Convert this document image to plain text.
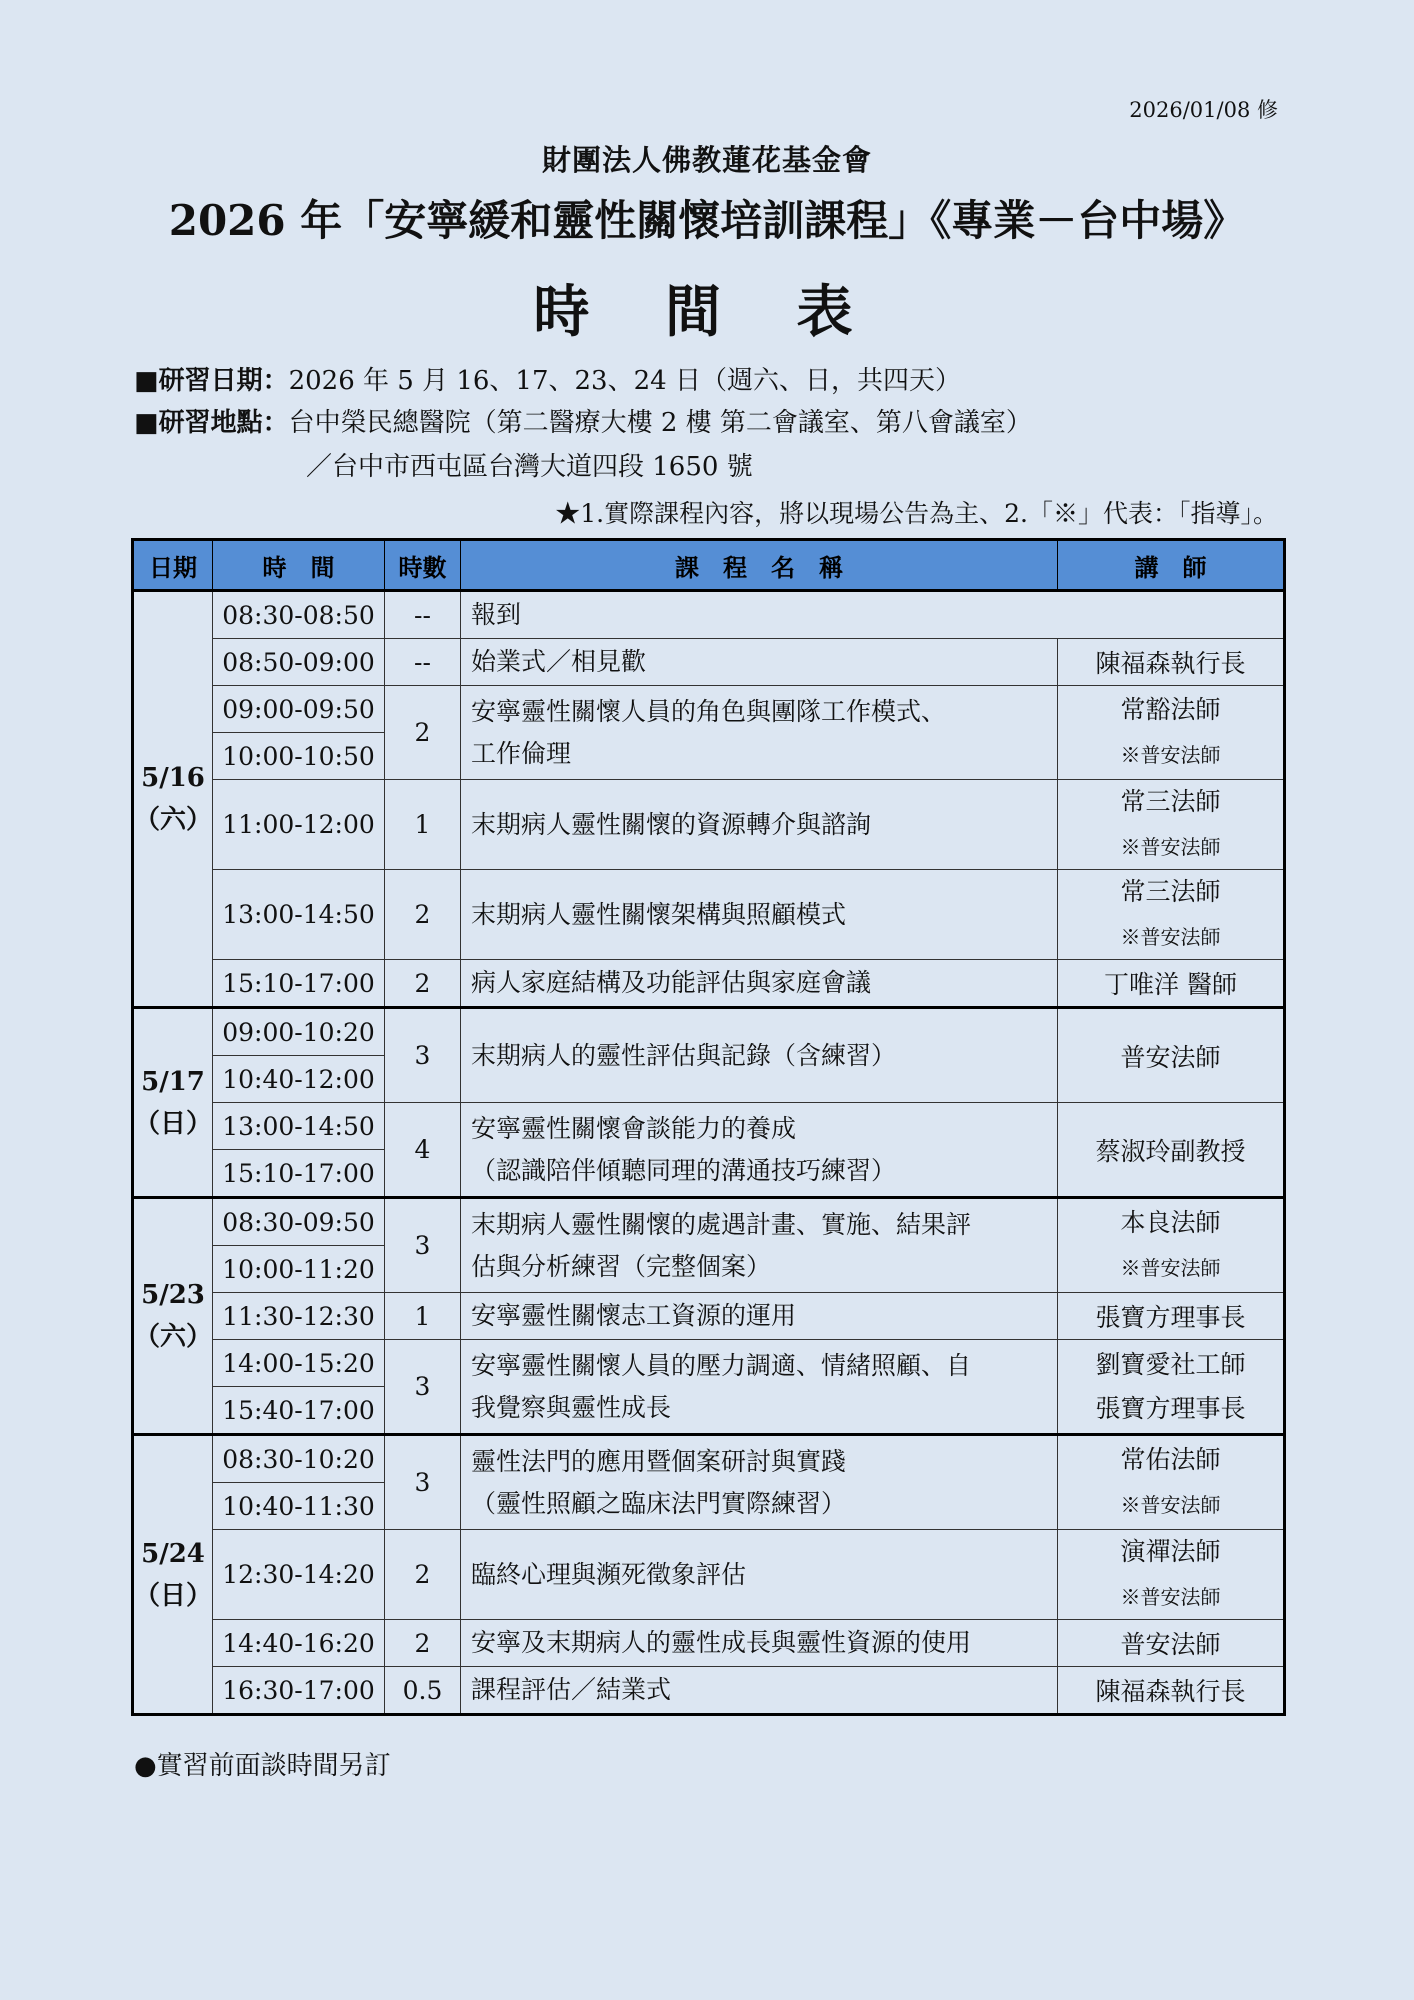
2026/01/08 修
財團法人佛教蓮花基金會
2026 年「安寧緩和靈性關懷培訓課程」《專業－台中場》
時 間 表
■研習日期：2026 年 5 月 16、17、23、24 日（週六、日，共四天）
■研習地點：台中榮民總醫院（第二醫療大樓 2 樓 第二會議室、第八會議室）
／台中市西屯區台灣大道四段 1650 號
★1.實際課程內容，將以現場公告為主、2.「※」代表：「指導」。
日期	時　間	時數	課　程　名　稱	講　師
5/16
（六）	08:30-08:50	--	報到	
	08:50-09:00	--	始業式／相見歡	陳福森執行長
	09:00-09:50	2	安寧靈性關懷人員的角色與團隊工作模式、
工作倫理	常豁法師
※普安法師
	10:00-10:50			
	11:00-12:00	1	末期病人靈性關懷的資源轉介與諮詢	常三法師
※普安法師

	13:00-14:50	2	末期病人靈性關懷架構與照顧模式	常三法師
※普安法師

	15:10-17:00	2	病人家庭結構及功能評估與家庭會議	丁唯洋 醫師
5/17
（日）	09:00-10:20	3	末期病人的靈性評估與記錄（含練習）	普安法師
	10:40-12:00			
	13:00-14:50	4	安寧靈性關懷會談能力的養成
（認識陪伴傾聽同理的溝通技巧練習）	蔡淑玲副教授
	15:10-17:00			
5/23
（六）	08:30-09:50	3	末期病人靈性關懷的處遇計畫、實施、結果評
估與分析練習（完整個案）	本良法師
※普安法師
	10:00-11:20			
	11:30-12:30	1	安寧靈性關懷志工資源的運用	張寶方理事長
	14:00-15:20	3	安寧靈性關懷人員的壓力調適、情緒照顧、自
我覺察與靈性成長	劉寶愛社工師
張寶方理事長
	15:40-17:00			
5/24
（日）	08:30-10:20	3	靈性法門的應用暨個案研討與實踐
（靈性照顧之臨床法門實際練習）	常佑法師
※普安法師
	10:40-11:30			
	12:30-14:20	2	臨終心理與瀕死徵象評估	演禪法師
※普安法師

	14:40-16:20	2	安寧及末期病人的靈性成長與靈性資源的使用	普安法師
	16:30-17:00	0.5	課程評估／結業式	陳福森執行長
●實習前面談時間另訂
